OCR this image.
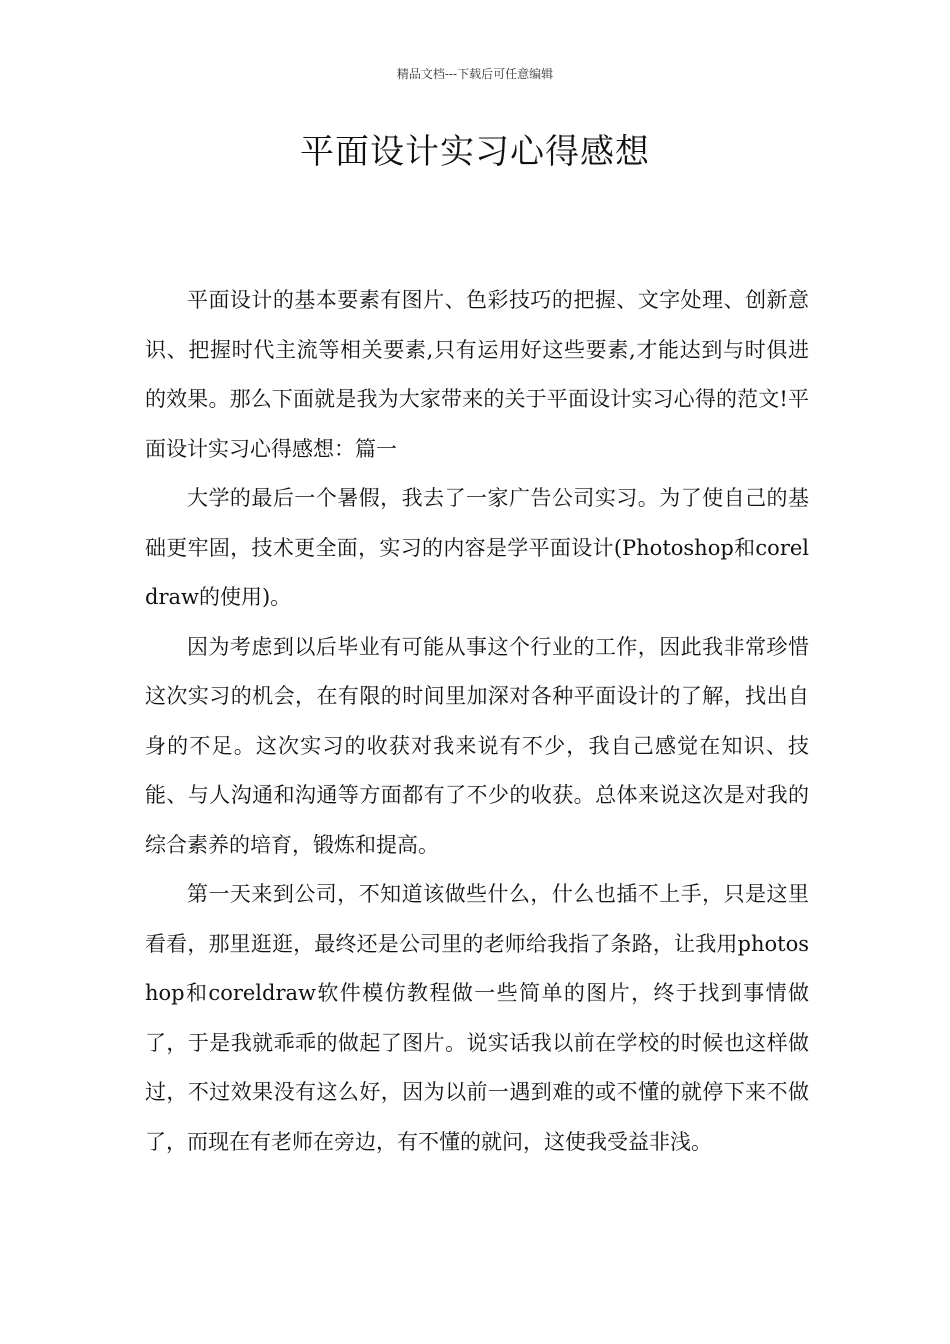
精品文档---下载后可任意编辑
平面设计实习心得感想

平面设计的基本要素有图片、色彩技巧的把握、文字处理、创新意识、把握时代主流等相关要素,只有运用好这些要素,才能达到与时俱进的效果。那么下面就是我为大家带来的关于平面设计实习心得的范文!平面设计实习心得感想：篇一

大学的最后一个暑假，我去了一家广告公司实习。为了使自己的基础更牢固，技术更全面，实习的内容是学平面设计(Photoshop和coreldraw的使用)。

因为考虑到以后毕业有可能从事这个行业的工作，因此我非常珍惜这次实习的机会，在有限的时间里加深对各种平面设计的了解，找出自身的不足。这次实习的收获对我来说有不少，我自己感觉在知识、技能、与人沟通和沟通等方面都有了不少的收获。总体来说这次是对我的综合素养的培育，锻炼和提高。

第一天来到公司，不知道该做些什么，什么也插不上手，只是这里看看，那里逛逛，最终还是公司里的老师给我指了条路，让我用photoshop和coreldraw软件模仿教程做一些简单的图片，终于找到事情做了，于是我就乖乖的做起了图片。说实话我以前在学校的时候也这样做过，不过效果没有这么好，因为以前一遇到难的或不懂的就停下来不做了，而现在有老师在旁边，有不懂的就问，这使我受益非浅。
